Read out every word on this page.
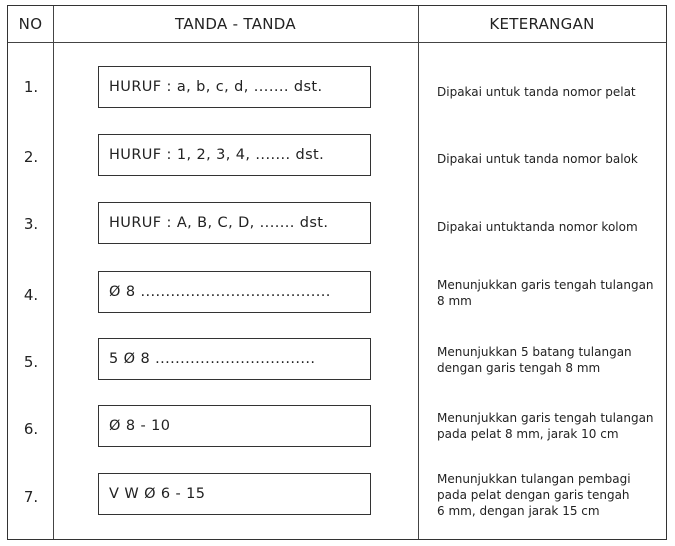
NO	TANDA - TANDA	KETERANGAN
1.	HURUF : a, b, c, d, ....... dst.	Dipakai untuk tanda nomor pelat
2.	HURUF : 1, 2, 3, 4, ....... dst.	Dipakai untuk tanda nomor balok
3.	HURUF : A, B, C, D, ....... dst.	Dipakai untuktanda nomor kolom
4.	Ø 8 ......................................	Menunjukkan garis tengah tulangan
8 mm
5.	5 Ø 8 ................................	Menunjukkan 5 batang tulangan
dengan garis tengah 8 mm
6.	Ø 8 - 10	Menunjukkan garis tengah tulangan
pada pelat 8 mm, jarak 10 cm
7.	V W Ø 6 - 15
Menunjukkan tulangan pembagi
pada pelat dengan garis tengah
6 mm, dengan jarak 15 cm
